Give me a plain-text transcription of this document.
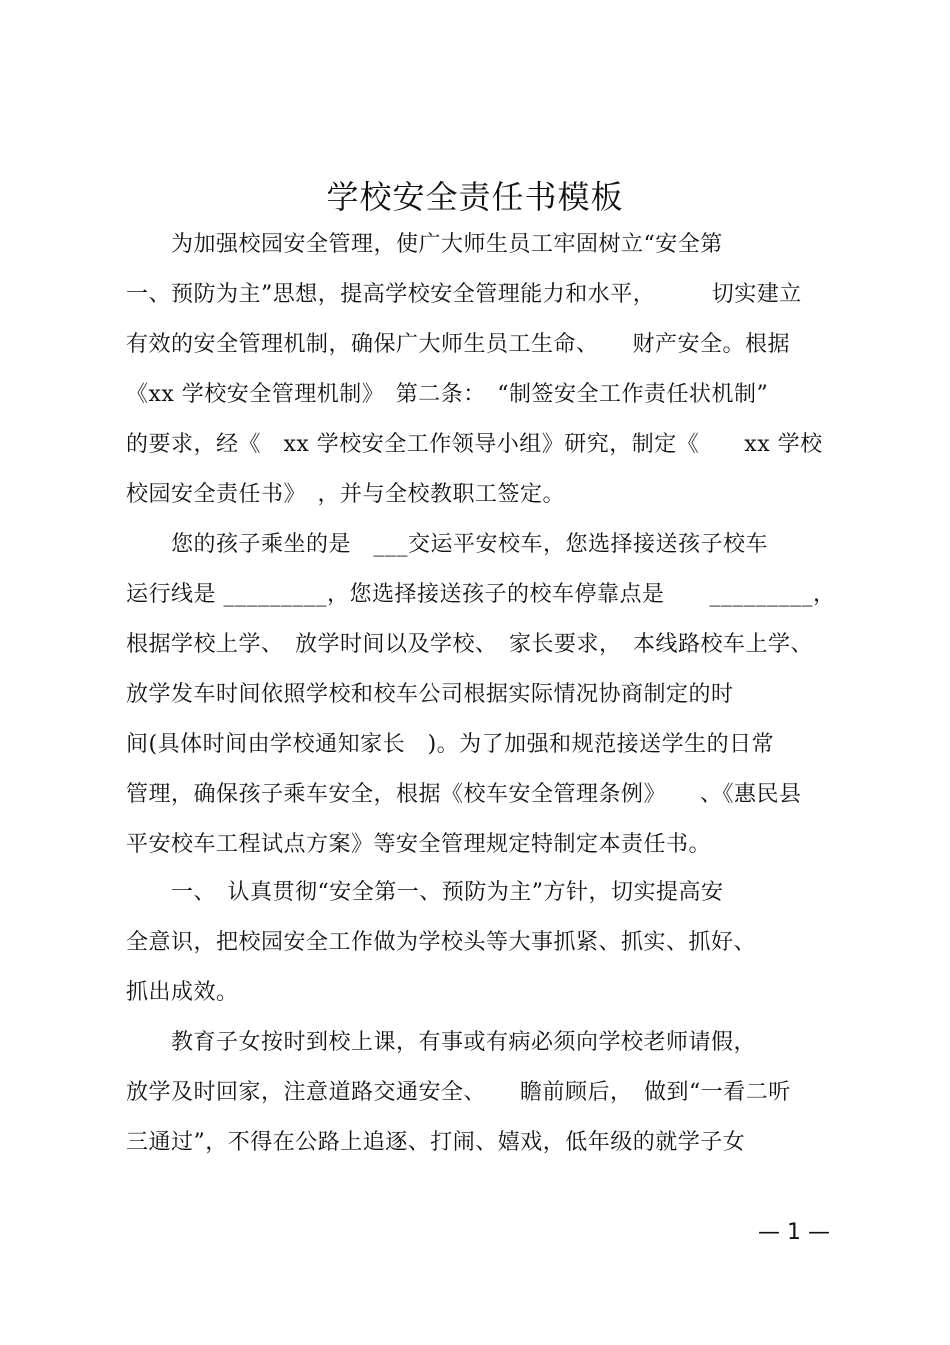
学校安全责任书模板
　　为加强校园安全管理，使广大师生员工牢固树立“安全第
一、预防为主”思想，提高学校安全管理能力和水平，　　　切实建立
有效的安全管理机制，确保广大师生员工生命、　　财产安全。根据
《xx 学校安全管理机制》　第二条：　“制签安全工作责任状机制”
的要求，经《　xx 学校安全工作领导小组》研究，制定《　　xx 学校
校园安全责任书》　，并与全校教职工签定。
　　您的孩子乘坐的是　___交运平安校车，您选择接送孩子校车
运行线是 _________，您选择接送孩子的校车停靠点是　　_________，
根据学校上学、　放学时间以及学校、　家长要求，　本线路校车上学、
放学发车时间依照学校和校车公司根据实际情况协商制定的时
间(具体时间由学校通知家长　)。为了加强和规范接送学生的日常
管理，确保孩子乘车安全，根据《校车安全管理条例》　　、《惠民县
平安校车工程试点方案》等安全管理规定特制定本责任书。
　　一、　认真贯彻“安全第一、预防为主”方针，切实提高安
全意识，把校园安全工作做为学校头等大事抓紧、抓实、抓好、
抓出成效。
　　教育子女按时到校上课，有事或有病必须向学校老师请假，
放学及时回家，注意道路交通安全、　　瞻前顾后，　做到“一看二听
三通过”，不得在公路上追逐、打闹、嬉戏，低年级的就学子女
— 1 —
